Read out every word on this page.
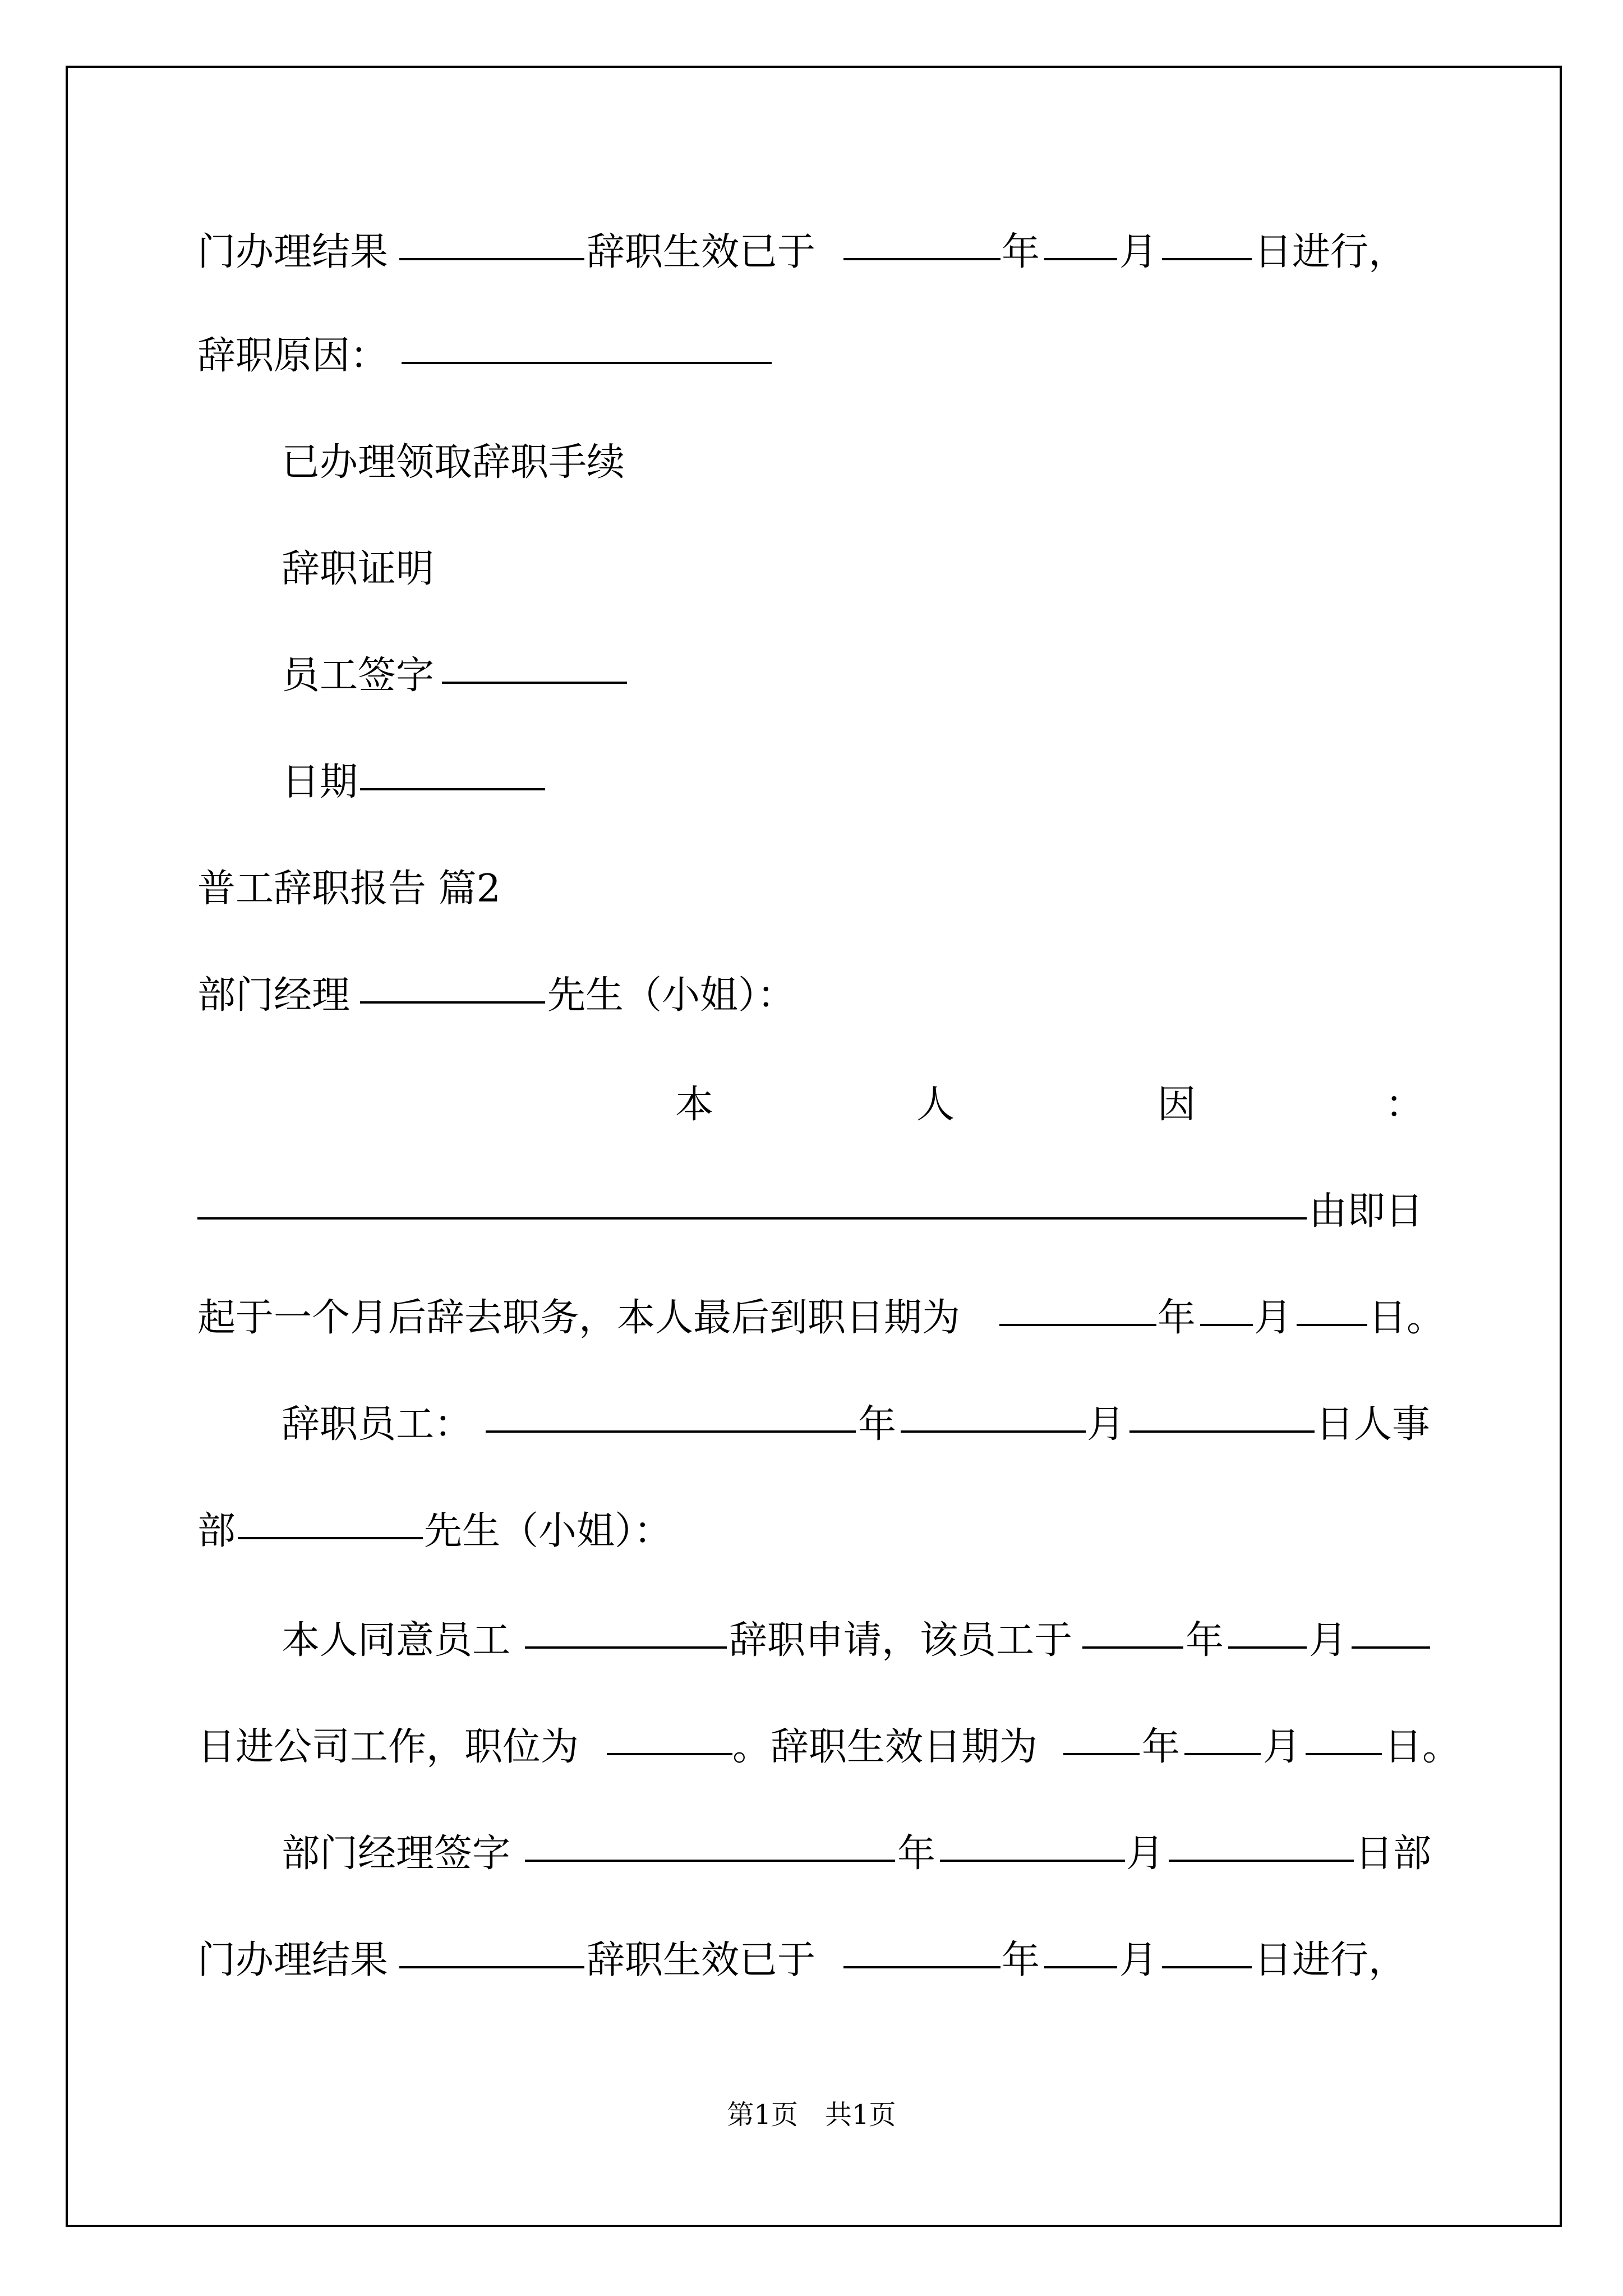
门办理结果	辞职生效已于	年 月	日进行，
辞职原因：
已办理领取辞职手续
辞职证明
员工签字
日期
普工辞职报告 篇2
部门经理	先生（小姐）：
本	人	因	：
由即日
起于一个月后辞去职务，本人最后到职日期为	年 月 日。
辞职员工：	年	月	日人事
部	先生（小姐）：
本人同意员工	辞职申请，该员工于	年 月
日进公司工作，职位为	。辞职生效日期为	年 月 日。
部门经理签字	年	月	日部
门办理结果	辞职生效已于	年 月	日进行，
第1页　共1页
